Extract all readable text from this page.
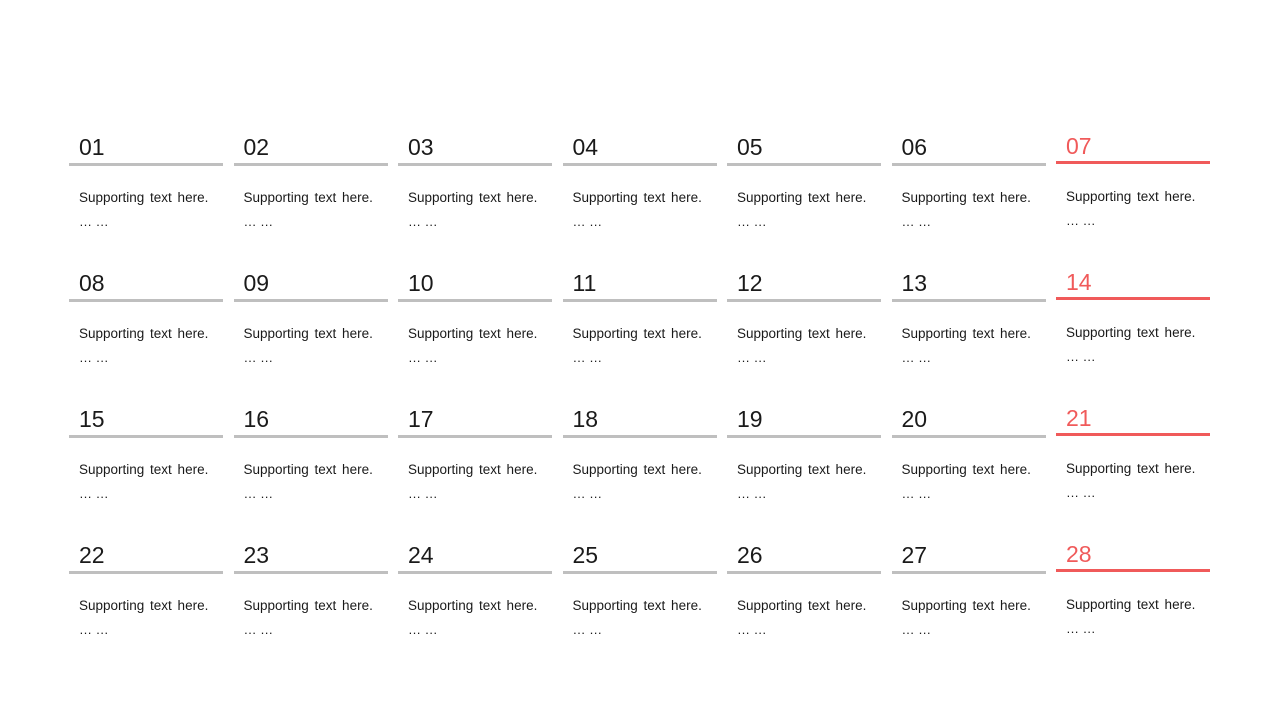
01
Supporting text here.
… …
02
Supporting text here.
… …
03
Supporting text here.
… …
04
Supporting text here.
… …
05
Supporting text here.
… …
06
Supporting text here.
… …
07
Supporting text here.
… …
08
Supporting text here.
… …
09
Supporting text here.
… …
10
Supporting text here.
… …
11
Supporting text here.
… …
12
Supporting text here.
… …
13
Supporting text here.
… …
14
Supporting text here.
… …
15
Supporting text here.
… …
16
Supporting text here.
… …
17
Supporting text here.
… …
18
Supporting text here.
… …
19
Supporting text here.
… …
20
Supporting text here.
… …
21
Supporting text here.
… …
22
Supporting text here.
… …
23
Supporting text here.
… …
24
Supporting text here.
… …
25
Supporting text here.
… …
26
Supporting text here.
… …
27
Supporting text here.
… …
28
Supporting text here.
… …
